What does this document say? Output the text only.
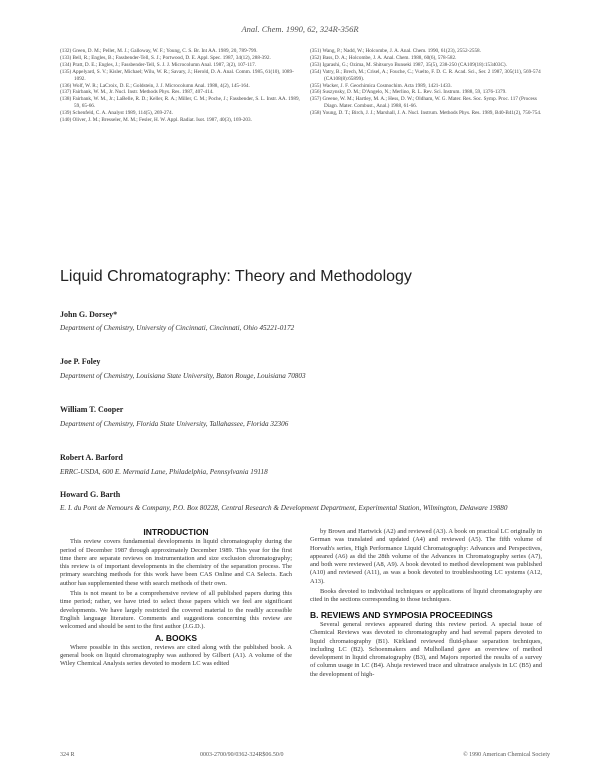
Anal. Chem. 1990, 62, 324R-356R

(132) Green, D. M.; Pellet, M. J.; Galloway, W. F.; Young, C. S. Br. Int AA. 1989, 20, 789-799.

(133) Bell, R.; Engles, B.; Fassbender-Tell, S. J.; Portwood, D. E. Appl. Spec. 1987, 34(12), 288-392.

(134) Pratt, D. E.; Engles, J.; Fassbender-Tell, S. J. J. Microcolumn Anal. 1987, 3(2), 107-117.

(135) Appelyard, S. V.; Kisler, Michael; Wilu, W. R.; Savary, J.; Herold, D. A. Anal. Comm. 1985, 61(10), 1089-1092.

(136) Wolf, W. R.; LaCroix, D. E.; Goldstein, J. J. Microcolumn Anal. 1988, 4(2), 145-164.

(137) Fairbank, W. M., Jr. Nucl. Instr. Methods Phys. Res. 1987, 407-414.

(138) Fairbank, W. M., Jr.; LaBelle, R. D.; Keller, R. A.; Miller, C. M.; Poche, J.; Fassbender, S. L. Instr. AA. 1989, 59, 65-66.

(139) Schenfeld, C. A. Analyst 1989, 114(5), 269-274.

(140) Oliver, J. M.; Bresseler, M. M.; Fesler, H. W. Appl. Radiat. Isot. 1987, 40(3), 169-203.

(351) Wang, P.; Nadd, W.; Holcombe, J. A. Anal. Chem. 1990, 61(23), 2552-2558.

(352) Bass, D. A.; Holcombe, J. A. Anal. Chem. 1988, 60(6), 578-582.

(353) Igarashi, G.; Ozima, M. Shitsuryo Bunseki 1987, 35(5), 238-250 (CA109(18):153403C).

(354) Vatry, B.; Brech, M.; Crisel, A.; Fouche, C.; Vuelto, F. D. C. R. Acad. Sci., Ser. 2 1987, 305(11), 569-574 (CA108(8):65899).

(355) Wacker, J. F. Geochimica Cosmochim. Acta 1989, 1421-1433.

(356) Suszynsky, D. M.; D'Angelo, N.; Merlino, R. L. Rev. Sci. Instrum. 1988, 59, 1376-1379.

(357) Greene, W. M.; Hartley, M. A.; Hess, D. W.; Oldham, W. G. Mater. Res. Soc. Symp. Proc. 117 (Process Diagn. Mater. Combust., Anal.) 1988, 61-66.

(358) Young, D. T.; Birch, J. J.; Marshall, J. A. Nucl. Instrum. Methods Phys. Res. 1989, B40-B41(2), 750-754.

Liquid Chromatography: Theory and Methodology
John G. Dorsey*
Department of Chemistry, University of Cincinnati, Cincinnati, Ohio 45221-0172
Joe P. Foley
Department of Chemistry, Louisiana State University, Baton Rouge, Louisiana 70803
William T. Cooper
Department of Chemistry, Florida State University, Tallahassee, Florida 32306
Robert A. Barford
ERRC-USDA, 600 E. Mermaid Lane, Philadelphia, Pennsylvania 19118
Howard G. Barth
E. I. du Pont de Nemours & Company, P.O. Box 80228, Central Research & Development Department, Experimental Station, Wilmington, Delaware 19880

INTRODUCTION

This review covers fundamental developments in liquid chromatography during the period of December 1987 through approximately December 1989. This year for the first time there are separate reviews on instrumentation and size exclusion chromatography; this review is of important developments in the chemistry of the separation process. The primary searching methods for this work have been CAS Online and CA Selects. Each author has supplemented these with search methods of their own.

This is not meant to be a comprehensive review of all published papers during this time period; rather, we have tried to select those papers which we feel are significant developments. We have largely restricted the covered material to the readily accessible English language literature. Comments and suggestions concerning this review are welcomed and should be sent to the first author (J.G.D.).

A. BOOKS

Where possible in this section, reviews are cited along with the published book. A general book on liquid chromatography was authored by Gilbert (A1). A volume of the Wiley Chemical Analysis series devoted to modern LC was edited

by Brown and Hartwick (A2) and reviewed (A3). A book on practical LC originally in German was translated and updated (A4) and reviewed (A5). The fifth volume of Horvath's series, High Performance Liquid Chromatography: Advances and Perspectives, appeared (A6) as did the 28th volume of the Advances in Chromatography series (A7), and both were reviewed (A8, A9). A book devoted to method development was published (A10) and reviewed (A11), as was a book devoted to troubleshooting LC systems (A12, A13).

Books devoted to individual techniques or applications of liquid chromatography are cited in the sections corresponding to those techniques.

B. REVIEWS AND SYMPOSIA PROCEEDINGS

Several general reviews appeared during this review period. A special issue of Chemical Reviews was devoted to chromatography and had several papers devoted to liquid chromatography (B1). Kirkland reviewed fluid-phase separation techniques, including LC (B2). Schoenmakers and Mulholland gave an overview of method development in liquid chromatography (B3), and Majors reported the results of a survey of column usage in LC (B4). Ahuja reviewed trace and ultratrace analysis in LC (B5) and the development of high-

324 R	0003-2700/90/0362-324R$06.50/0	© 1990 American Chemical Society
